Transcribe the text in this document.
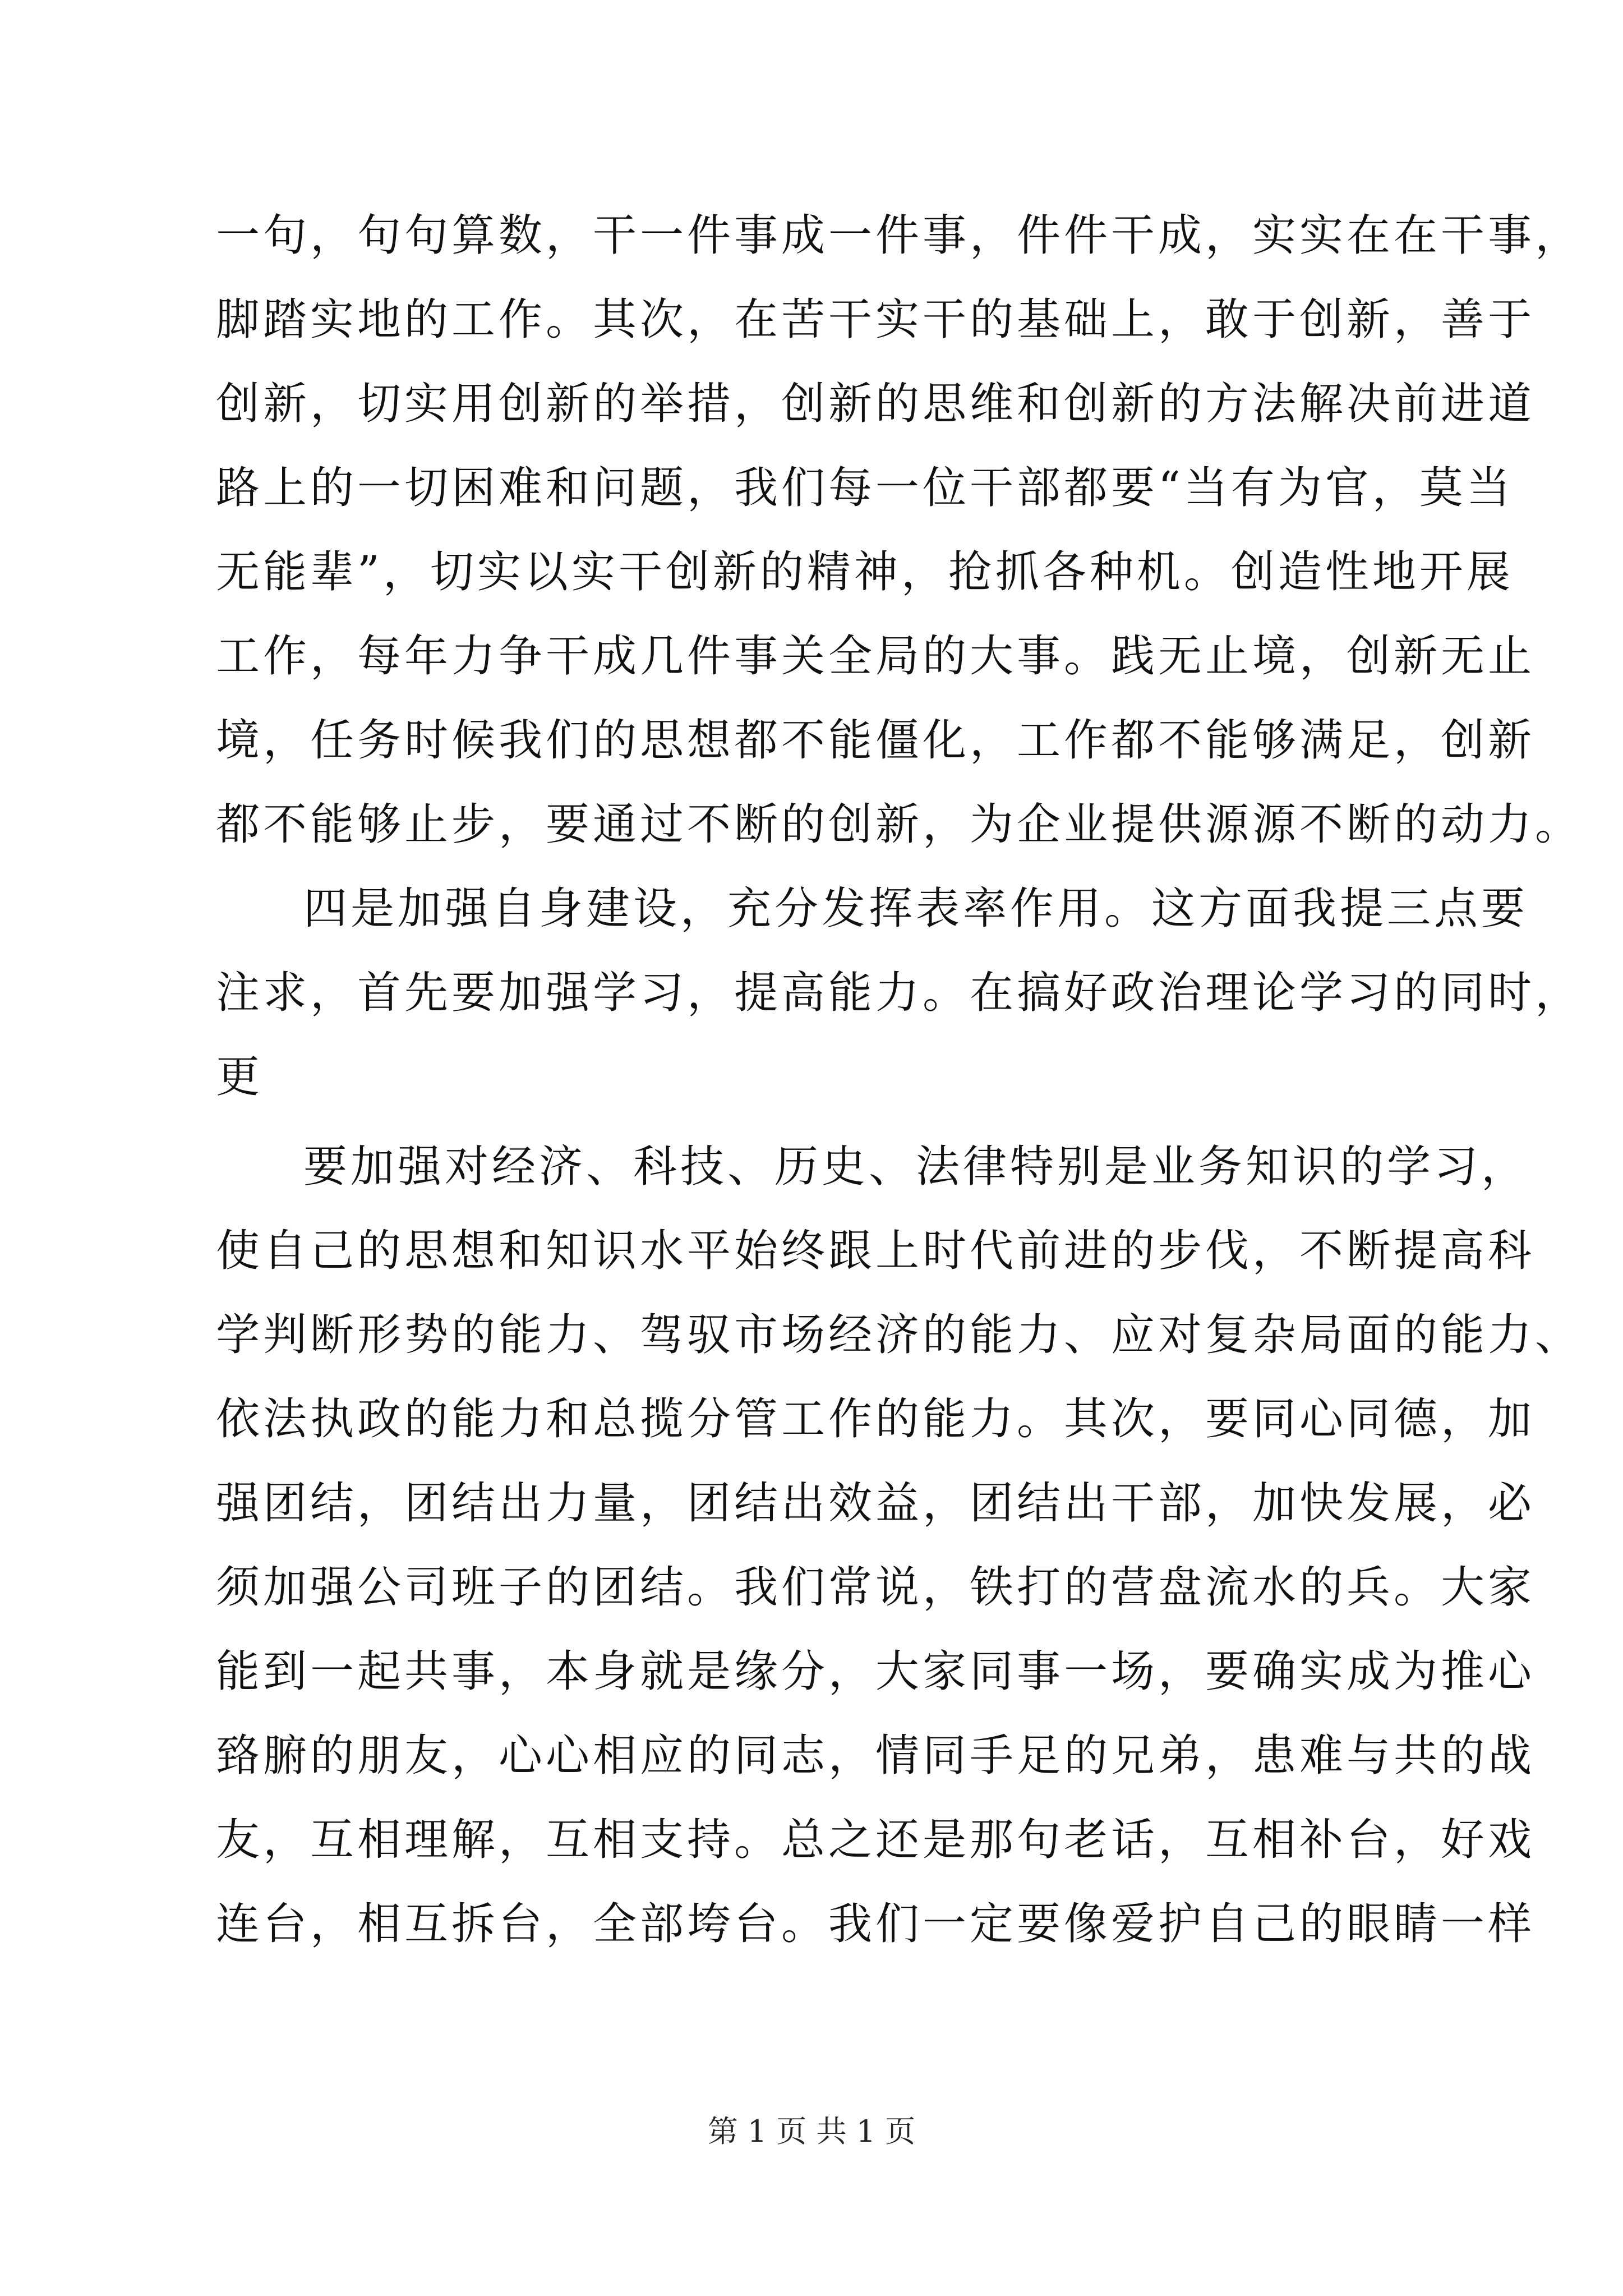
一句，句句算数，干一件事成一件事，件件干成，实实在在干事，
脚踏实地的工作。其次，在苦干实干的基础上，敢于创新，善于
创新，切实用创新的举措，创新的思维和创新的方法解决前进道
路上的一切困难和问题，我们每一位干部都要“当有为官，莫当
无能辈”，切实以实干创新的精神，抢抓各种机。创造性地开展
工作，每年力争干成几件事关全局的大事。践无止境，创新无止
境，任务时候我们的思想都不能僵化，工作都不能够满足，创新
都不能够止步，要通过不断的创新，为企业提供源源不断的动力。
四是加强自身建设，充分发挥表率作用。这方面我提三点要
注求，首先要加强学习，提高能力。在搞好政治理论学习的同时，
更
要加强对经济、科技、历史、法律特别是业务知识的学习，
使自己的思想和知识水平始终跟上时代前进的步伐，不断提高科
学判断形势的能力、驾驭市场经济的能力、应对复杂局面的能力、
依法执政的能力和总揽分管工作的能力。其次，要同心同德，加
强团结，团结出力量，团结出效益，团结出干部，加快发展，必
须加强公司班子的团结。我们常说，铁打的营盘流水的兵。大家
能到一起共事，本身就是缘分，大家同事一场，要确实成为推心
臵腑的朋友，心心相应的同志，情同手足的兄弟，患难与共的战
友，互相理解，互相支持。总之还是那句老话，互相补台，好戏
连台，相互拆台，全部垮台。我们一定要像爱护自己的眼睛一样
第 1 页 共 1 页
